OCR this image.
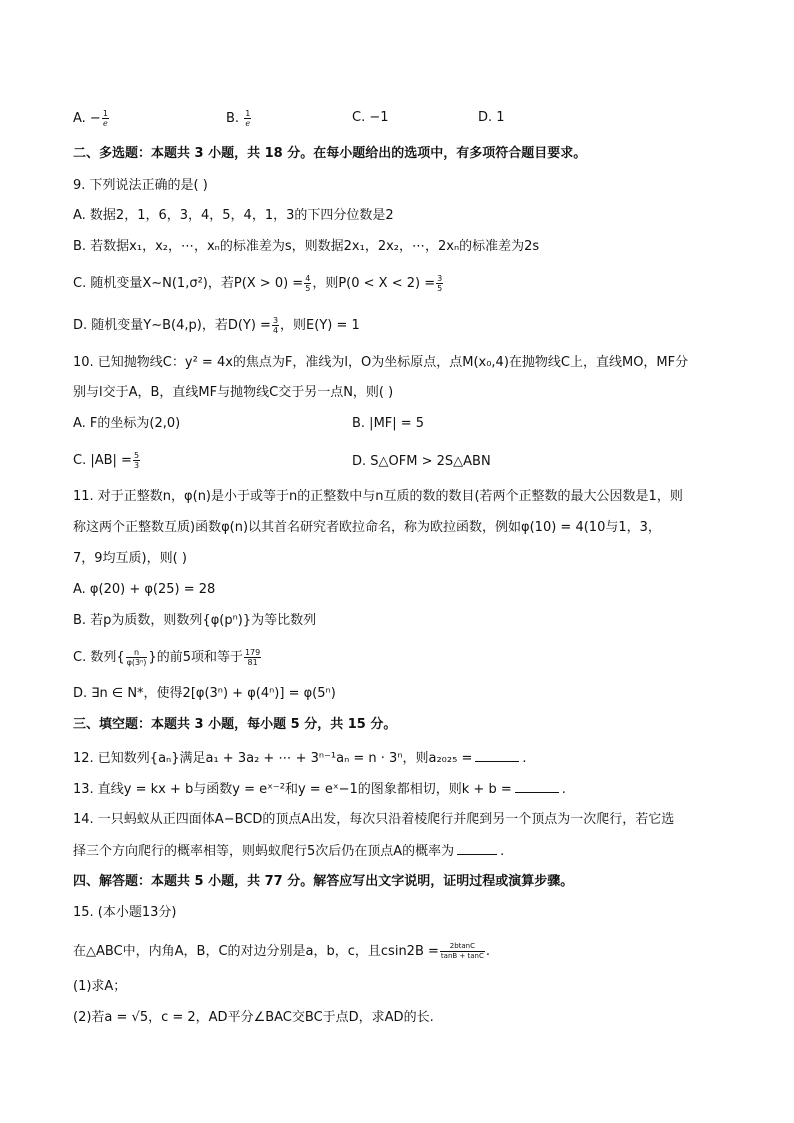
A. − $\frac{1}{e}$	B. $\frac{1}{e}$	C. −1	D. 1
二、多选题：本题共 3 小题，共 18 分。在每小题给出的选项中，有多项符合题目要求。
9. 下列说法正确的是( )
A. 数据2，1，6，3，4，5，4，1，3的下四分位数是2
B. 若数据x₁，x₂，⋯，xₙ的标准差为s，则数据2x₁，2x₂，⋯，2xₙ的标准差为2s
C. 随机变量X∼N(1,σ²)，若$P(X > 0) = \frac{4}{5}$ ，则$P(0 < X < 2) = \frac{3}{5}$
D. 随机变量Y∼B(4,p)，若$D(Y) = \frac{3}{4}$ ，则E(Y) = 1
10. 已知抛物线C：y² = 4x的焦点为F，准线为l，O为坐标原点，点M(x₀,4)在抛物线C上，直线MO，MF分
别与l交于A，B，直线MF与抛物线C交于另一点N，则( )
A. F的坐标为(2,0)	B. |MF| = 5
C. $|AB| = \frac{5}{3}$	D. S△OFM > 2S△ABN
11. 对于正整数n，φ(n)是小于或等于n的正整数中与n互质的数的数目(若两个正整数的最大公因数是1，则
称这两个正整数互质)函数φ(n)以其首名研究者欧拉命名，称为欧拉函数，例如φ(10) = 4(10与1，3，
7，9均互质)，则( )
A. φ(20) + φ(25) = 28
B. 若p为质数，则数列{φ(pⁿ)}为等比数列
C. 数列{ $\frac{n}{\text{φ(3ⁿ)}}$ }的前5项和等于 $\frac{179}{81}$
D. ∃n ∈ N*，使得2[φ(3ⁿ) + φ(4ⁿ)] = φ(5ⁿ)
三、填空题：本题共 3 小题，每小题 5 分，共 15 分。
12. 已知数列{aₙ}满足a₁ + 3a₂ + ⋯ + 3ⁿ⁻¹aₙ = n · 3ⁿ，则a₂₀₂₅ =	.
13. 直线y = kx + b与函数y = eˣ⁻²和y = eˣ−1的图象都相切，则k + b =	.
14. 一只蚂蚁从正四面体A−BCD的顶点A出发，每次只沿着棱爬行并爬到另一个顶点为一次爬行，若它选
择三个方向爬行的概率相等，则蚂蚁爬行5次后仍在顶点A的概率为	.
四、解答题：本题共 5 小题，共 77 分。解答应写出文字说明，证明过程或演算步骤。
15. (本小题13分)
在△ABC中，内角A，B，C的对边分别是a，b，c，且$csin2B = \frac{2btanC}{\tan B + \tan C}$ .
(1)求A；
(2)若a = √5，c = 2，AD平分∠BAC交BC于点D，求AD的长.
